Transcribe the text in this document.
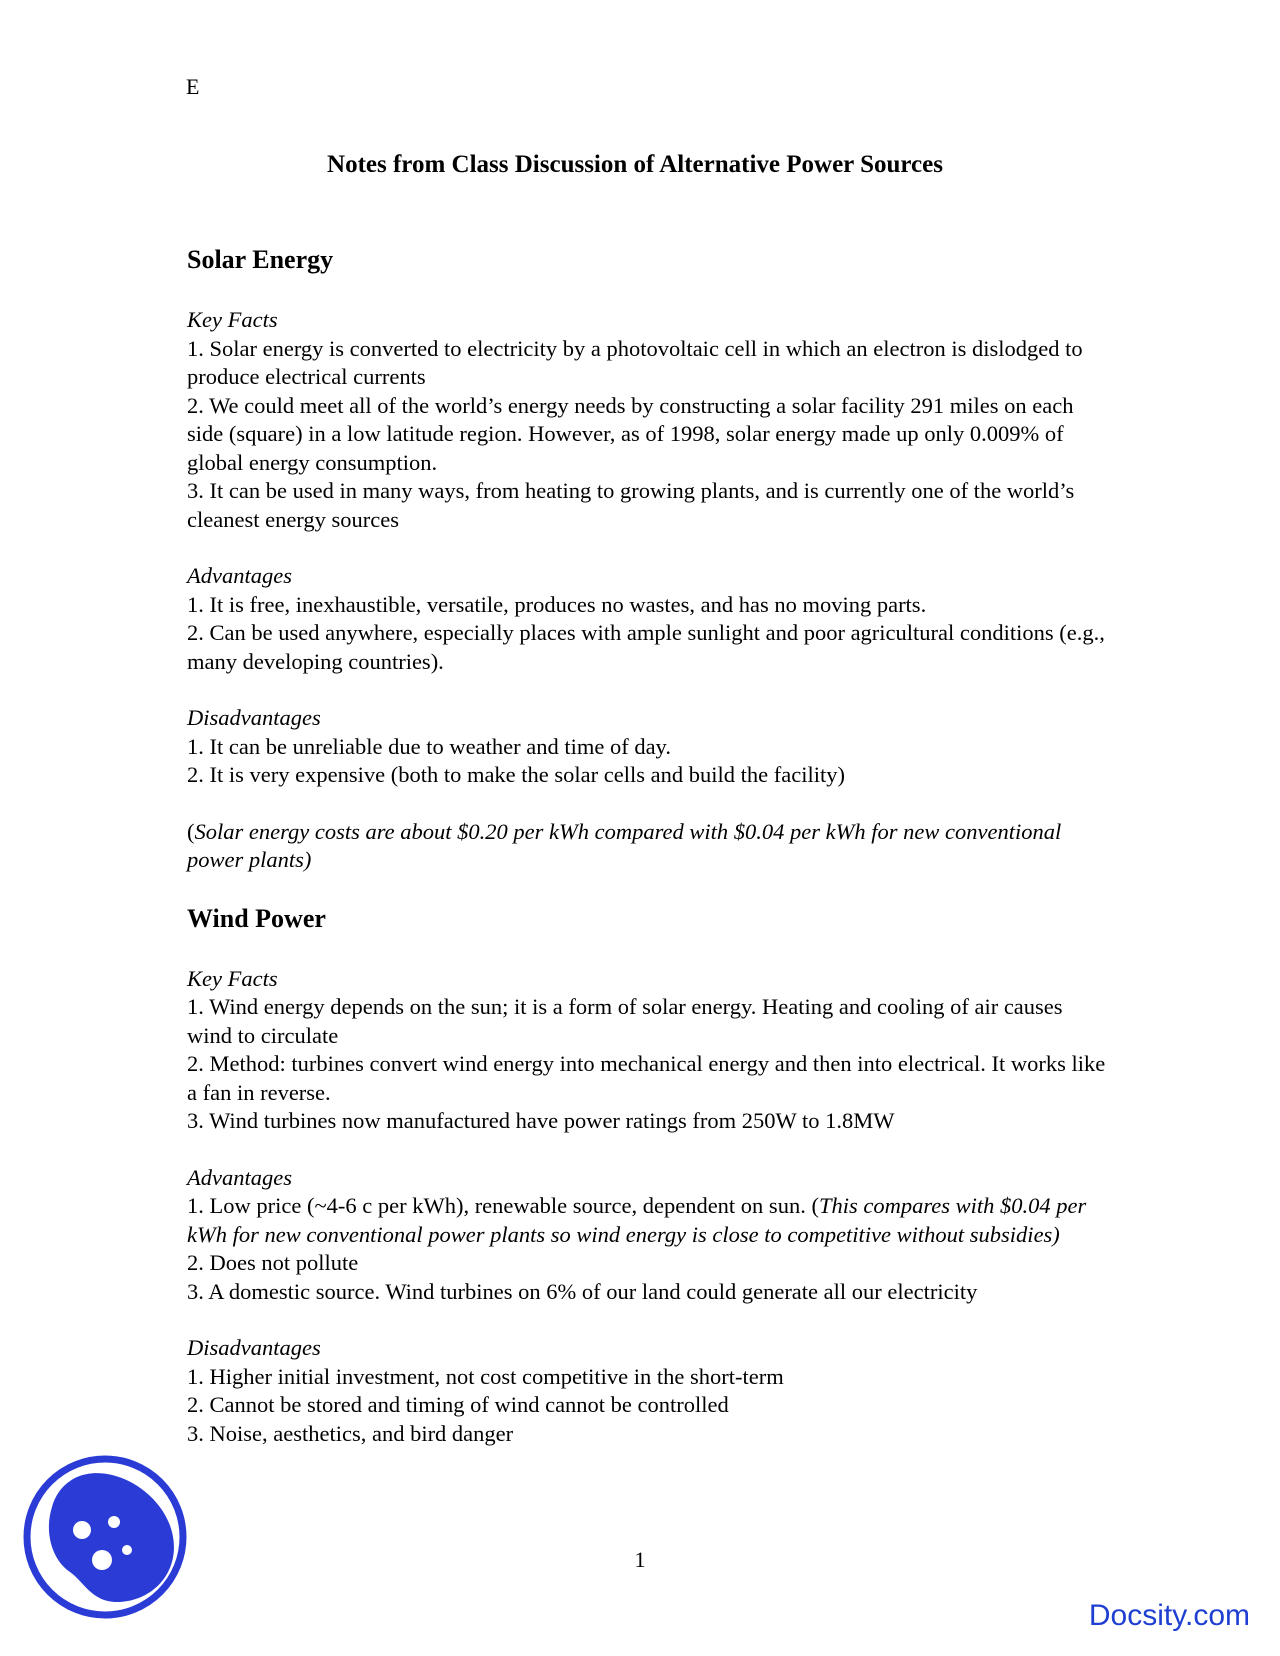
E
Notes from Class Discussion of Alternative Power Sources
Solar Energy

Key Facts

1. Solar energy is converted to electricity by a photovoltaic cell in which an electron is dislodged to produce electrical currents

2. We could meet all of the world’s energy needs by constructing a solar facility 291 miles on each side (square) in a low latitude region. However, as of 1998, solar energy made up only 0.009% of global energy consumption.

3. It can be used in many ways, from heating to growing plants, and is currently one of the world’s cleanest energy sources

Advantages

1. It is free, inexhaustible, versatile, produces no wastes, and has no moving parts.

2. Can be used anywhere, especially places with ample sunlight and poor agricultural conditions (e.g., many developing countries).

Disadvantages

1. It can be unreliable due to weather and time of day.

2. It is very expensive (both to make the solar cells and build the facility)

(Solar energy costs are about $0.20 per kWh compared with $0.04 per kWh for new conventional power plants)

Wind Power

Key Facts

1. Wind energy depends on the sun; it is a form of solar energy. Heating and cooling of air causes wind to circulate

2. Method: turbines convert wind energy into mechanical energy and then into electrical. It works like a fan in reverse.

3. Wind turbines now manufactured have power ratings from 250W to 1.8MW

Advantages

1. Low price (~4-6 c per kWh), renewable source, dependent on sun. (This compares with $0.04 per kWh for new conventional power plants so wind energy is close to competitive without subsidies)

2. Does not pollute

3. A domestic source. Wind turbines on 6% of our land could generate all our electricity

Disadvantages

1. Higher initial investment, not cost competitive in the short-term

2. Cannot be stored and timing of wind cannot be controlled

3. Noise, aesthetics, and bird danger

1
Docsity.com
